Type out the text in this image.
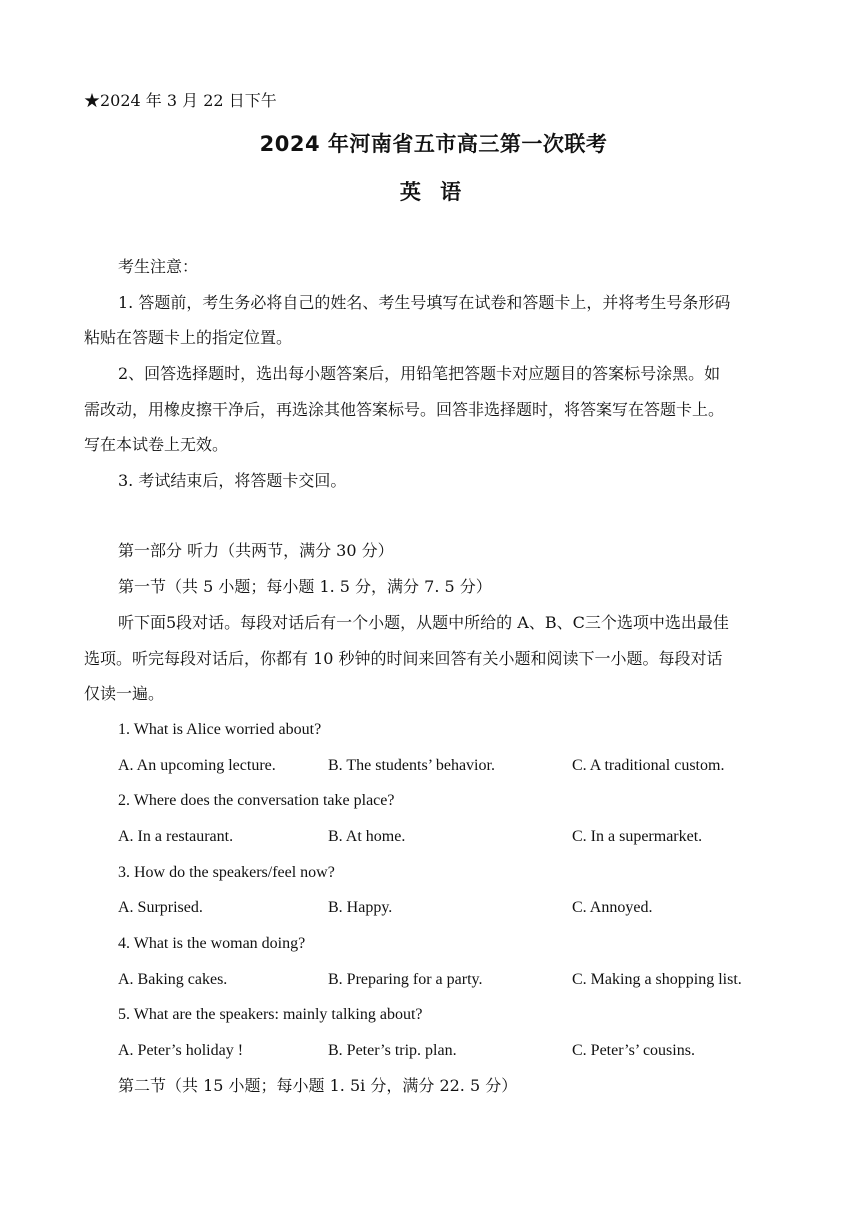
★2024 年 3 月 22 日下午
2024 年河南省五市高三第一次联考
英 语
考生注意：
1. 答题前，考生务必将自己的姓名、考生号填写在试卷和答题卡上，并将考生号条形码
粘贴在答题卡上的指定位置。
2、回答选择题时，选出每小题答案后，用铅笔把答题卡对应题目的答案标号涂黑。如
需改动，用橡皮擦干净后，再选涂其他答案标号。回答非选择题时，将答案写在答题卡上。
写在本试卷上无效。
3. 考试结束后，将答题卡交回。
第一部分 听力（共两节，满分 30 分）
第一节（共 5 小题；每小题 1. 5 分，满分 7. 5 分）
听下面5段对话。每段对话后有一个小题，从题中所给的 A、B、C三个选项中选出最佳
选项。听完每段对话后，你都有 10 秒钟的时间来回答有关小题和阅读下一小题。每段对话
仅读一遍。
1. What is Alice worried about?
A. An upcoming lecture.	B. The students’ behavior.	C. A traditional custom.
2. Where does the conversation take place?
A. In a restaurant.	B. At home.	C. In a supermarket.
3. How do the speakers/feel now?
A. Surprised.	B. Happy.	C. Annoyed.
4. What is the woman doing?
A. Baking cakes.	B. Preparing for a party.	C. Making a shopping list.
5. What are the speakers: mainly talking about?
A. Peter’s holiday !	B. Peter’s trip. plan.	C. Peter’s’ cousins.
第二节（共 15 小题；每小题 1. 5i 分，满分 22. 5 分）
